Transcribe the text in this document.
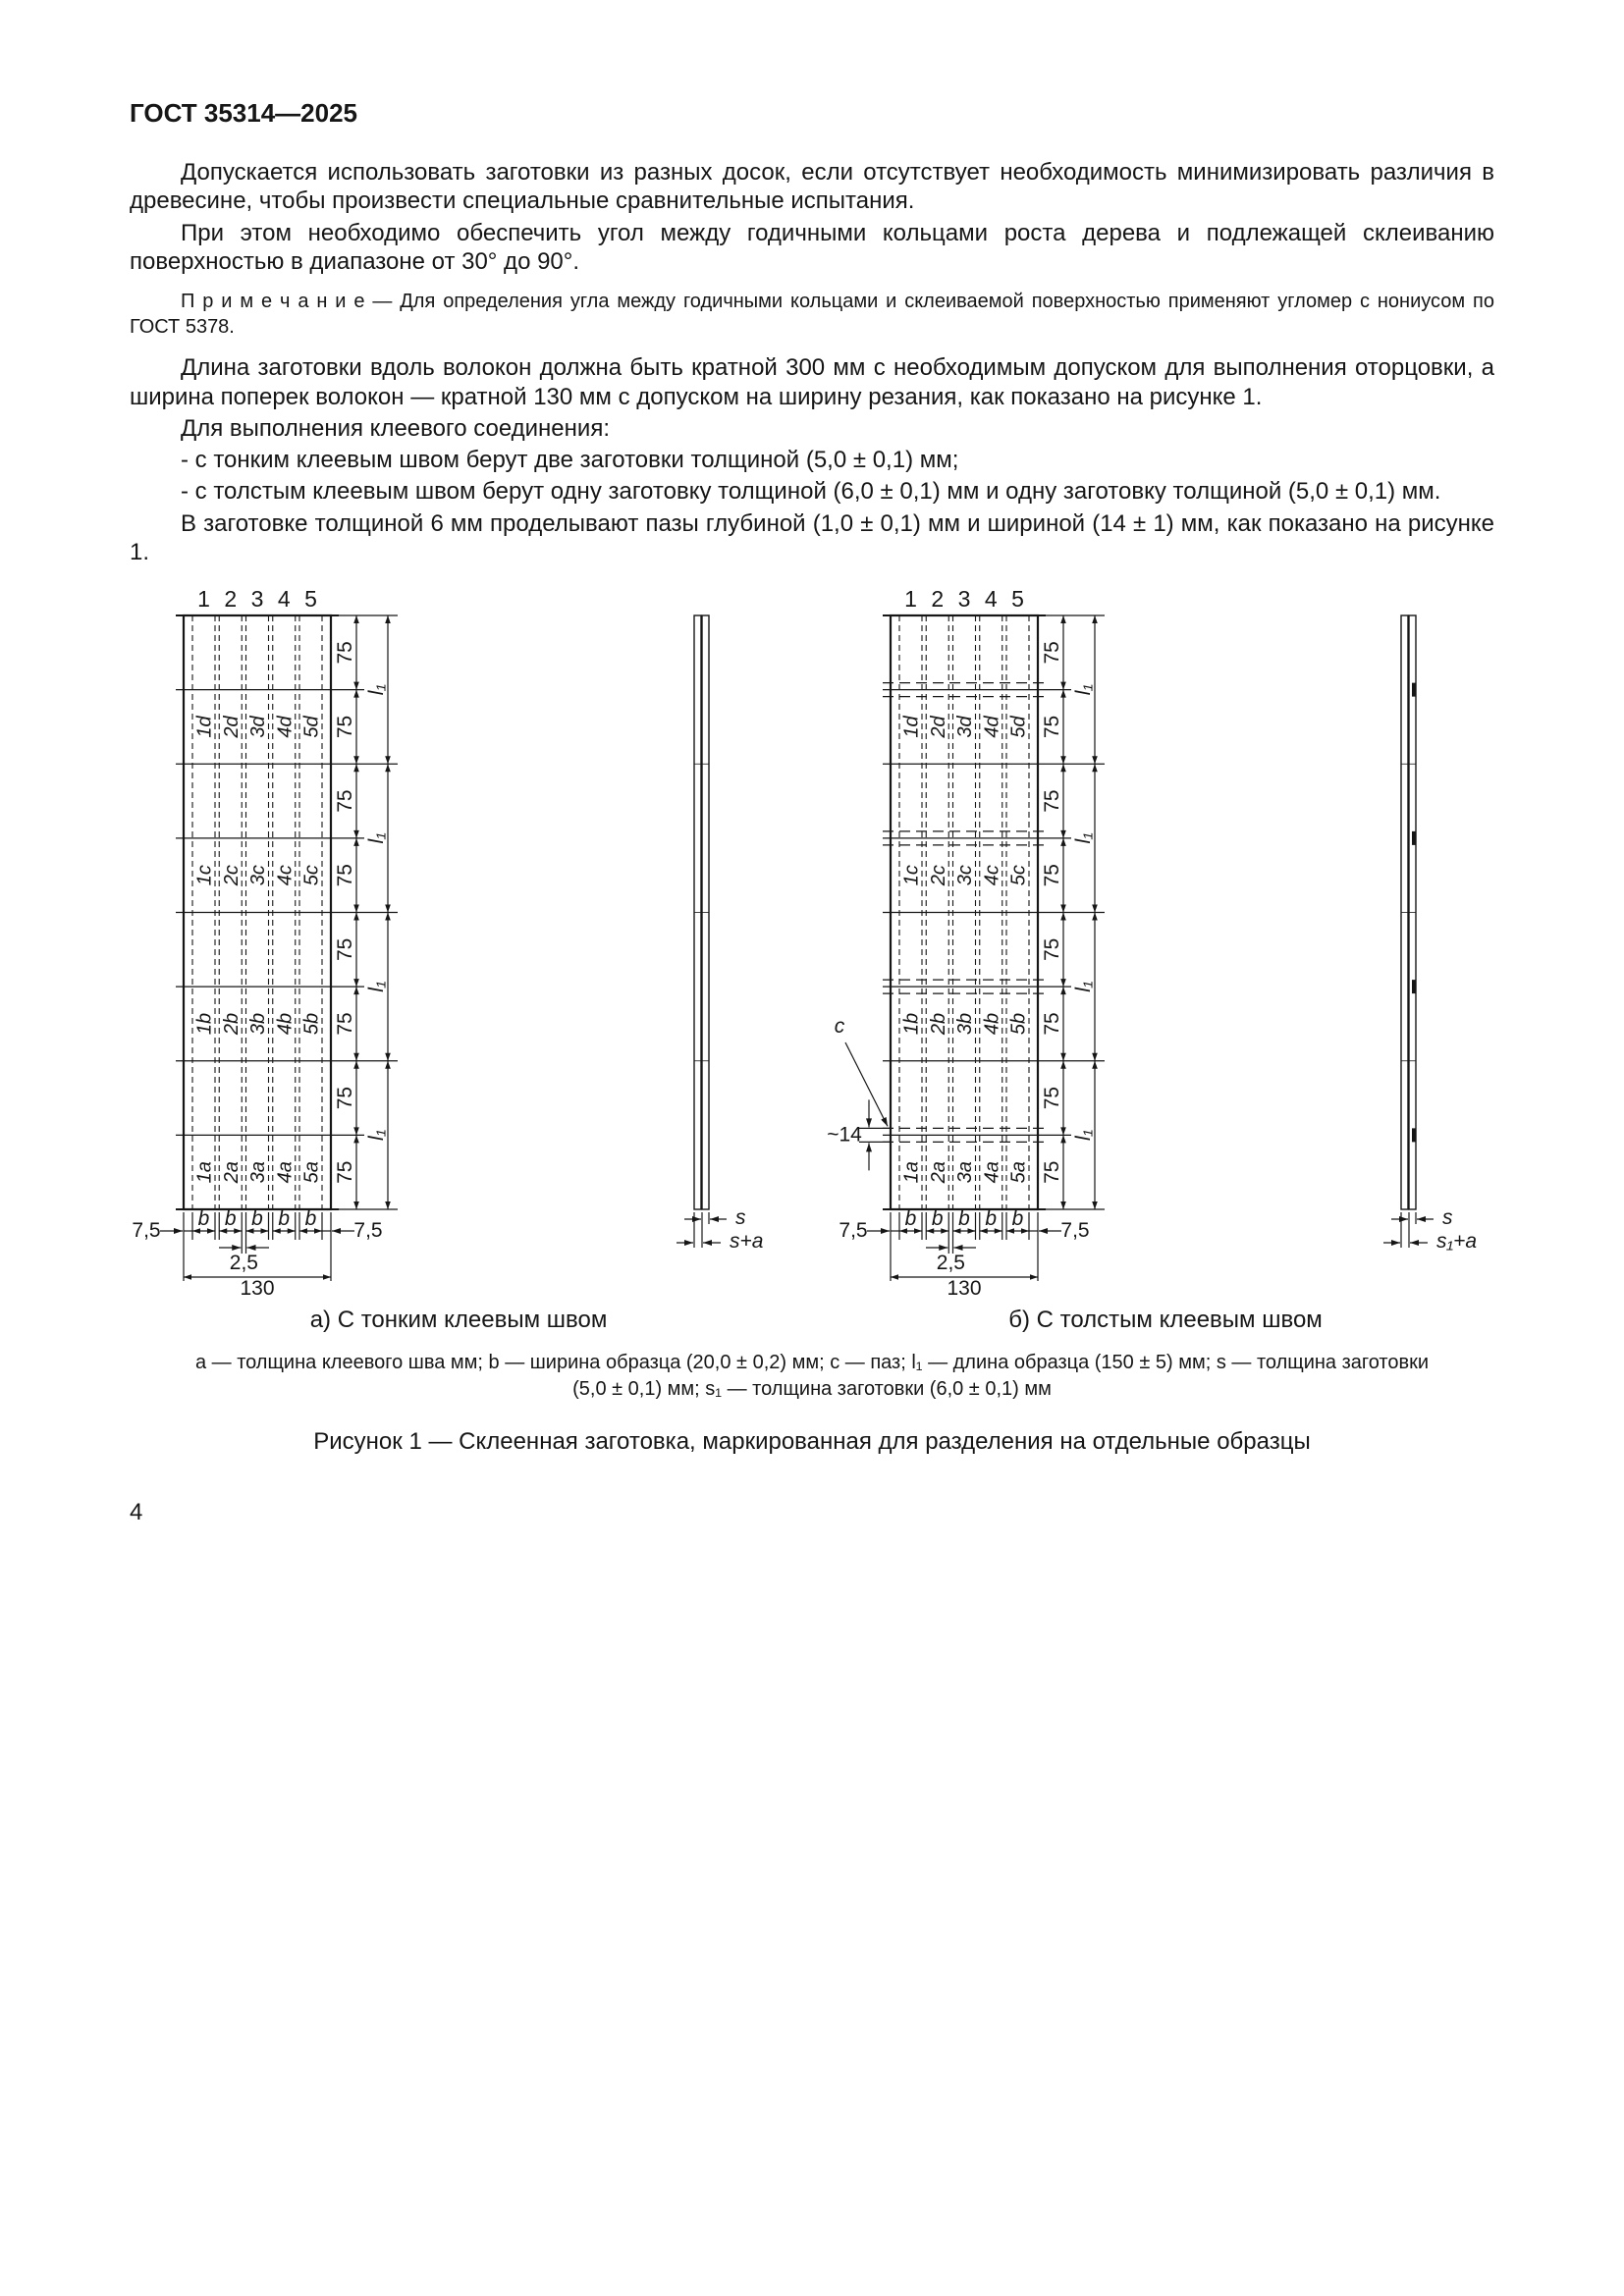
ГОСТ 35314—2025

Допускается использовать заготовки из разных досок, если отсутствует необходимость минимизировать различия в древесине, чтобы произвести специальные сравнительные испытания.

При этом необходимо обеспечить угол между годичными кольцами роста дерева и подлежащей склеиванию поверхностью в диапазоне от 30° до 90°.

П р и м е ч а н и е — Для определения угла между годичными кольцами и склеиваемой поверхностью применяют угломер с нониусом по ГОСТ 5378.

Длина заготовки вдоль волокон должна быть кратной 300 мм с необходимым допуском для выполнения оторцовки, а ширина поперек волокон — кратной 130 мм с допуском на ширину резания, как показано на рисунке 1.

Для выполнения клеевого соединения:

- с тонким клеевым швом берут две заготовки толщиной (5,0 ± 0,1) мм;

- с толстым клеевым швом берут одну заготовку толщиной (6,0 ± 0,1) мм и одну заготовку толщиной (5,0 ± 0,1) мм.

В заготовке толщиной 6 мм проделывают пазы глубиной (1,0 ± 0,1) мм и шириной (14 ± 1) мм, как показано на рисунке 1.

1 2 3 4 5
1d 2d 3d 4d 5d
1c 2c 3c 4c 5c
1b 2b 3b 4b 5b
1a 2a 3a 4a 5a
75
75
75
75
75
75
75
75
l₁
l₁
l₁
l₁
b b b b b
7,5	7,5
2,5
130
s
s+a
а) С тонким клеевым швом
1 2 3 4 5
1d 2d 3d 4d 5d
1c 2c 3c 4c 5c
1b 2b 3b 4b 5b
1a 2a 3a 4a 5a
75
75
75
75
75
75
75
75
l₁
l₁
l₁
l₁
b b b b b
7,5	7,5
2,5
130
s
s₁+a
~14
c
б) С толстым клеевым швом
а — толщина клеевого шва мм; b — ширина образца (20,0 ± 0,2) мм; с — паз; l₁ — длина образца (150 ± 5) мм; s — толщина заготовки (5,0 ± 0,1) мм; s₁ — толщина заготовки (6,0 ± 0,1) мм
Рисунок 1 — Склеенная заготовка, маркированная для разделения на отдельные образцы
4
